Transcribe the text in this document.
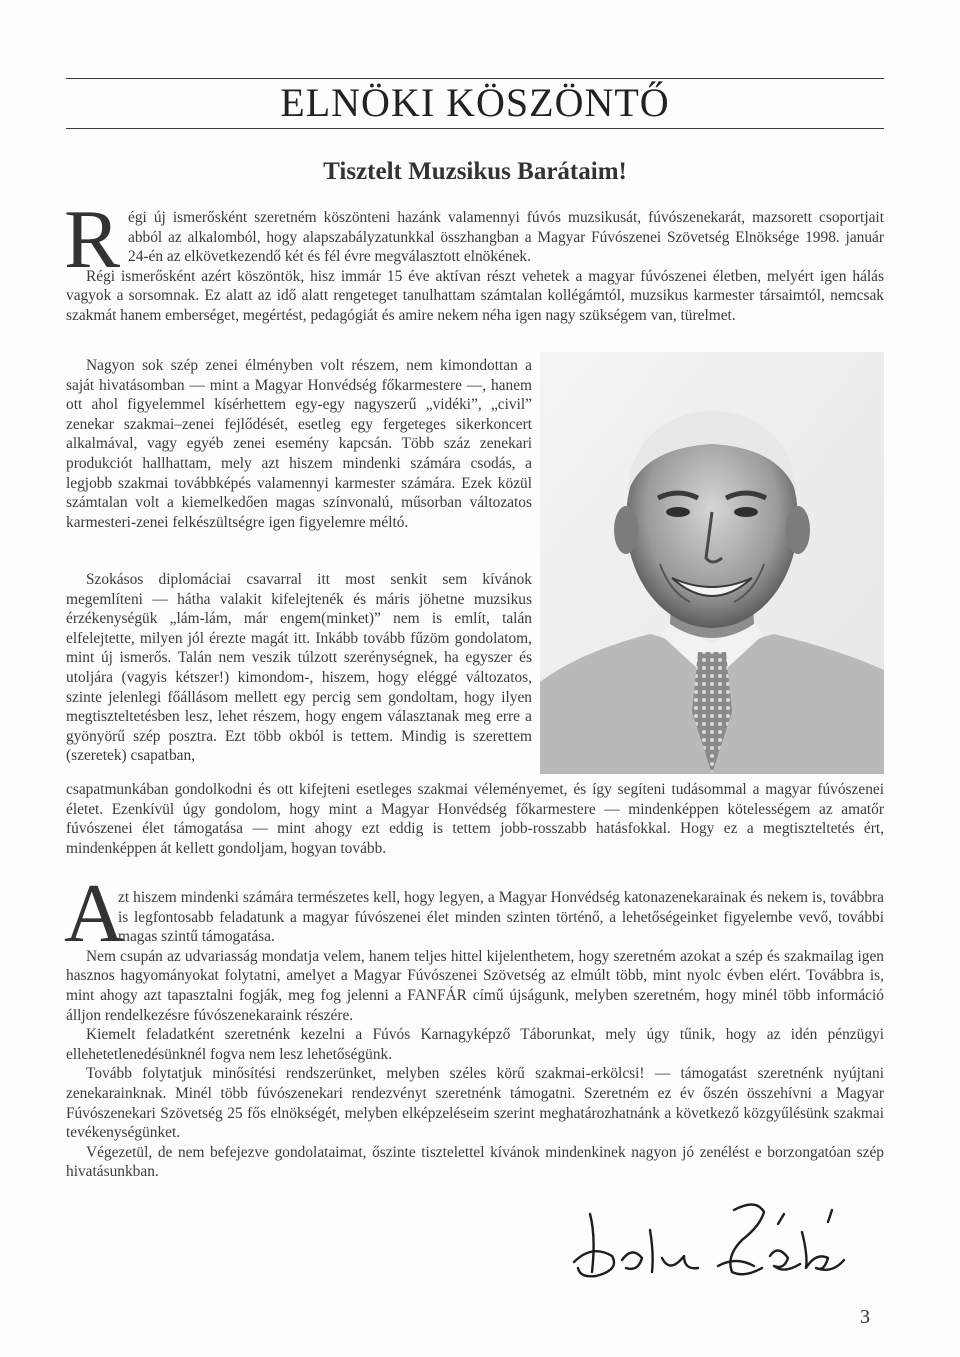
ELNÖKI KÖSZÖNTŐ
Tisztelt Muzsikus Barátaim!
R égi új ismerősként szeretném köszönteni hazánk valamennyi fúvós muzsikusát, fúvószenekarát, mazsorett csoportjait abból az alkalomból, hogy alapszabályzatunkkal összhangban a Magyar Fúvószenei Szövetség Elnöksége 1998. január 24-én az elkövetkezendő két és fél évre megválasztott elnökének.

Régi ismerősként azért köszöntök, hisz immár 15 éve aktívan részt vehetek a magyar fúvószenei életben, melyért igen hálás vagyok a sorsomnak. Ez alatt az idő alatt rengeteget tanulhattam számtalan kollégámtól, muzsikus karmester társaimtól, nemcsak szakmát hanem emberséget, megértést, pedagógiát és amire nekem néha igen nagy szükségem van, türelmet.

Nagyon sok szép zenei élményben volt részem, nem kimondottan a saját hivatásomban — mint a Magyar Honvédség főkarmestere —, hanem ott ahol figyelemmel kísérhettem egy-egy nagyszerű „vidéki”, „civil” zenekar szakmai–zenei fejlődését, esetleg egy fergeteges sikerkoncert alkalmával, vagy egyéb zenei esemény kapcsán. Több száz zenekari produkciót hallhattam, mely azt hiszem mindenki számára csodás, a legjobb szakmai továbbképés valamennyi karmester számára. Ezek közül számtalan volt a kiemelkedően magas színvonalú, műsorban változatos karmesteri-zenei felkészültségre igen figyelemre méltó.

Szokásos diplomáciai csavarral itt most senkit sem kívánok megemlíteni — hátha valakit kifelejtenék és máris jöhetne muzsikus érzékenységük „lám-lám, már engem(minket)” nem is említ, talán elfelejtette, milyen jól érezte magát itt. Inkább tovább fűzöm gondolatom, mint új ismerős. Talán nem veszik túlzott szerénységnek, ha egyszer és utoljára (vagyis kétszer!) kimondom-, hiszem, hogy eléggé változatos, szinte jelenlegi főállásom mellett egy percig sem gondoltam, hogy ilyen megtiszteltetésben lesz, lehet részem, hogy engem választanak meg erre a gyönyörű szép posztra. Ezt több okból is tettem. Mindig is szerettem (szeretek) csapatban,

csapatmunkában gondolkodni és ott kifejteni esetleges szakmai véleményemet, és így segíteni tudásommal a magyar fúvószenei életet. Ezenkívül úgy gondolom, hogy mint a Magyar Honvédség főkarmestere — mindenképpen kötelességem az amatőr fúvószenei élet támogatása — mint ahogy ezt eddig is tettem jobb-rosszabb hatásfokkal. Hogy ez a megtiszteltetés ért, mindenképpen át kellett gondoljam, hogyan tovább.

A

zt hiszem mindenki számára természetes kell, hogy legyen, a Magyar Honvédség katonazenekarainak és nekem is, továbbra is legfontosabb feladatunk a magyar fúvószenei élet minden szinten történő, a lehetőségeinket figyelembe vevő, további magas szintű támogatása.

Nem csupán az udvariasság mondatja velem, hanem teljes hittel kijelenthetem, hogy szeretném azokat a szép és szakmailag igen hasznos hagyományokat folytatni, amelyet a Magyar Fúvószenei Szövetség az elmúlt több, mint nyolc évben elért. Továbbra is, mint ahogy azt tapasztalni fogják, meg fog jelenni a FANFÁR című újságunk, melyben szeretném, hogy minél több információ álljon rendelkezésre fúvószenekaraink részére.

Kiemelt feladatként szeretnénk kezelni a Fúvós Karnagyképző Táborunkat, mely úgy tűnik, hogy az idén pénzügyi ellehetetlenedésünknél fogva nem lesz lehetőségünk.

Tovább folytatjuk minősítési rendszerünket, melyben széles körű szakmai-erkölcsi! — támogatást szeretnénk nyújtani zenekarainknak. Minél több fúvószenekari rendezvényt szeretnénk támogatni. Szeretném ez év őszén összehívni a Magyar Fúvószenekari Szövetség 25 fős elnökségét, melyben elképzeléseim szerint meghatározhatnánk a következő közgyűlésünk szakmai tevékenységünket.

Végezetül, de nem befejezve gondolataimat, őszinte tisztelettel kívánok mindenkinek nagyon jó zenélést e borzongatóan szép hivatásunkban.

3
